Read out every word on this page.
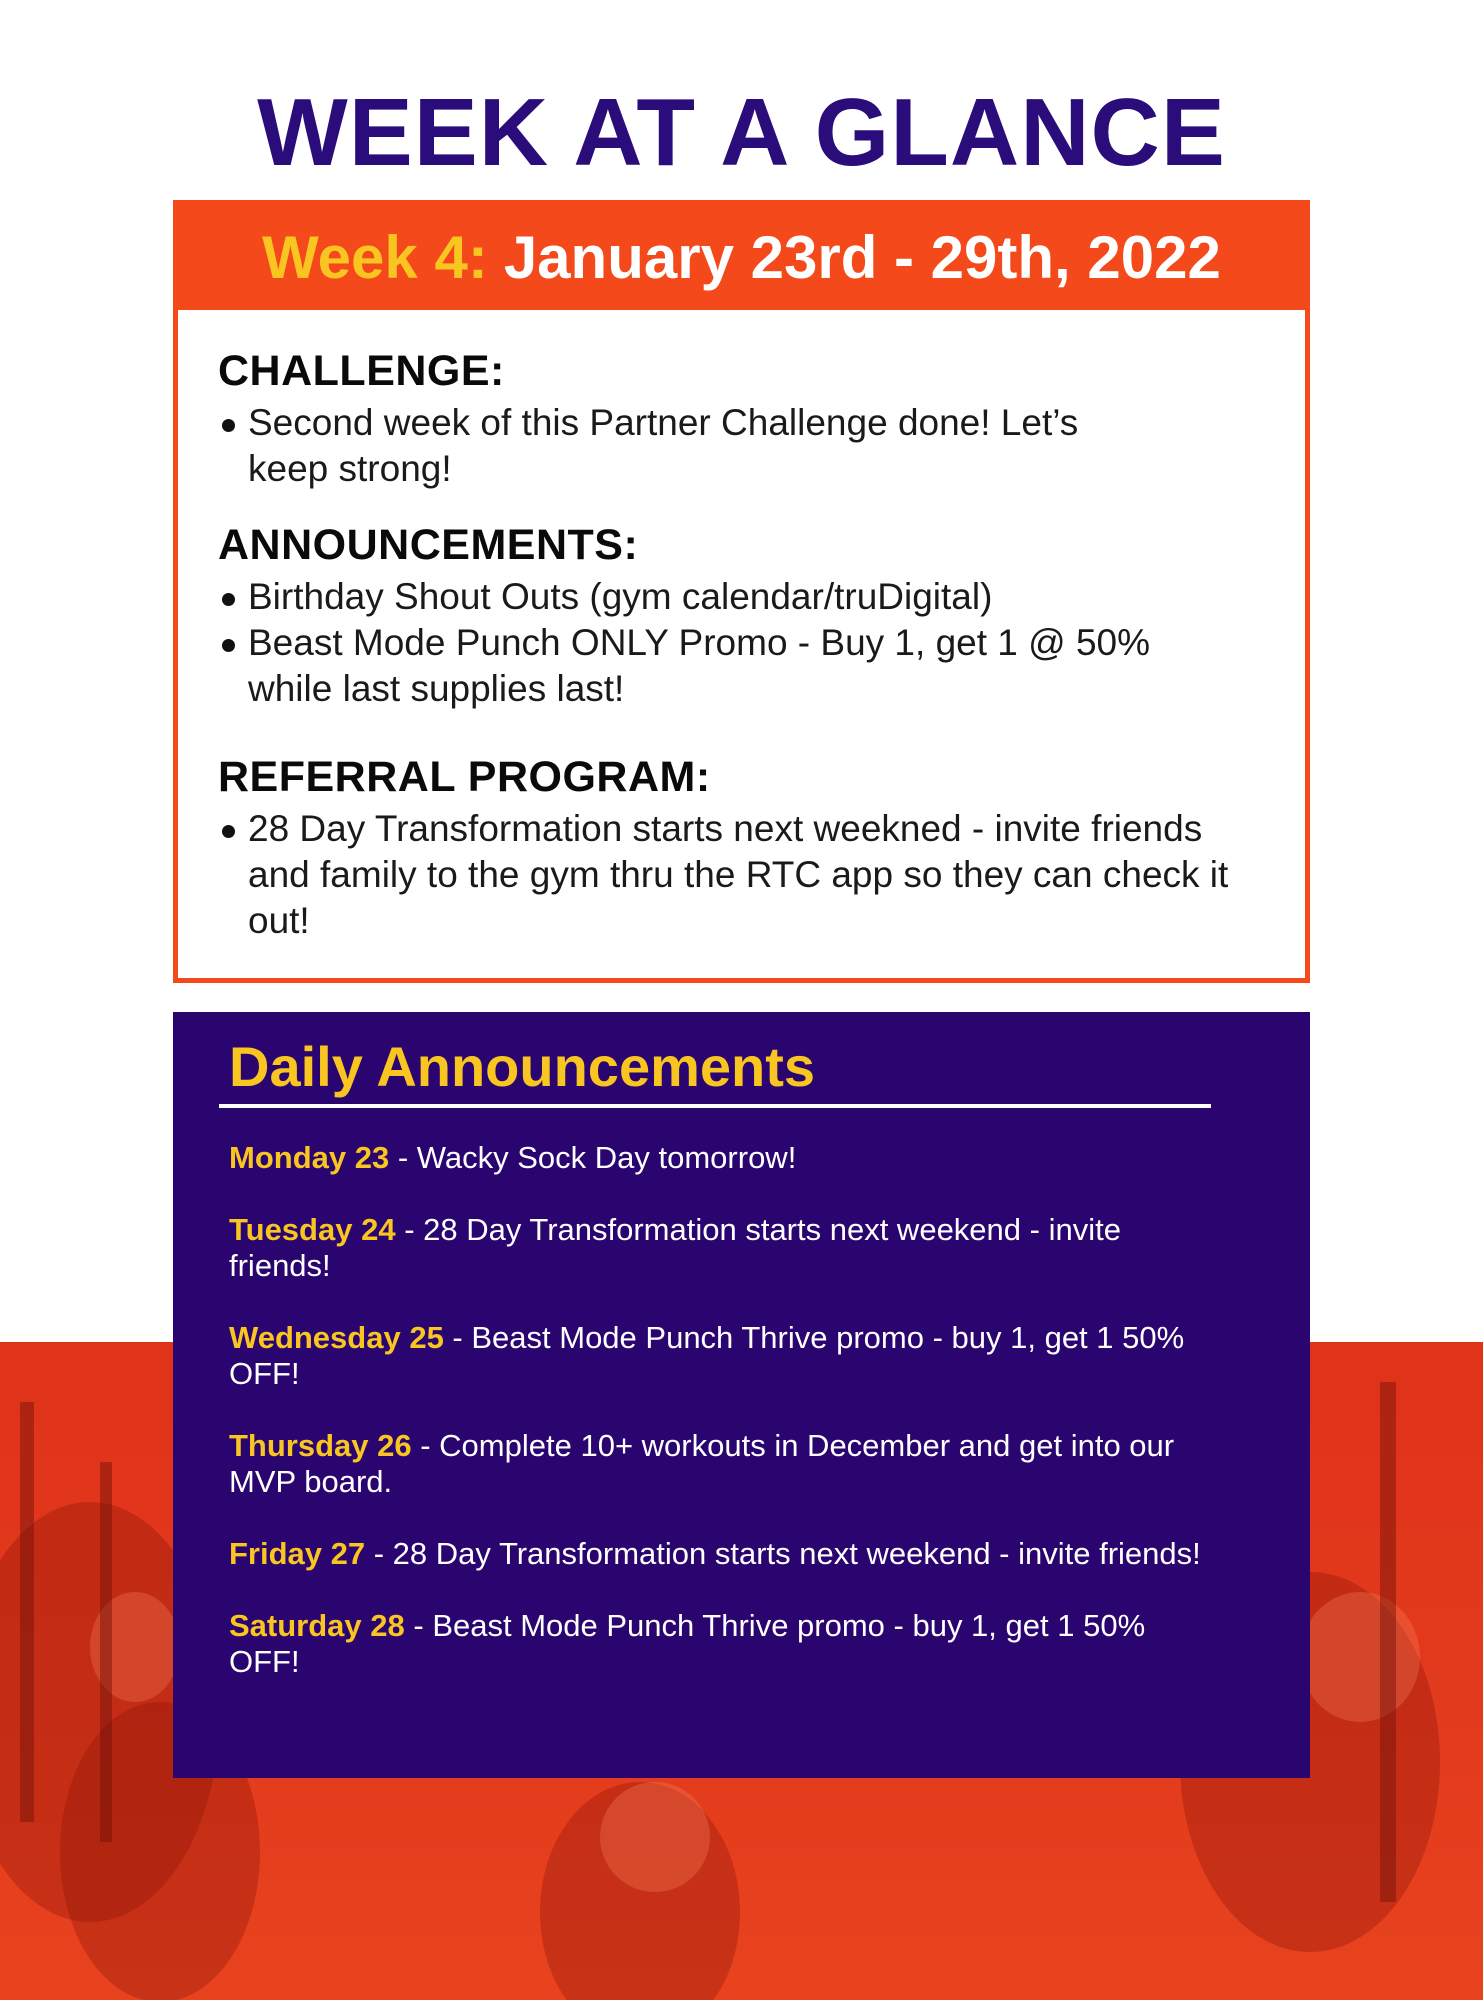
WEEK AT A GLANCE
Week 4: January 23rd - 29th, 2022
CHALLENGE:
Second week of this Partner Challenge done! Let’s keep strong!
ANNOUNCEMENTS:
Birthday Shout Outs (gym calendar/truDigital)
Beast Mode Punch ONLY Promo - Buy 1, get 1 @ 50% while last supplies last!
REFERRAL PROGRAM:
28 Day Transformation starts next weekned - invite friends and family to the gym thru the RTC app so they can check it out!
Daily Announcements
Monday 23 - Wacky Sock Day tomorrow!
Tuesday 24 - 28 Day Transformation starts next weekend - invite friends!
Wednesday 25 - Beast Mode Punch Thrive promo - buy 1, get 1 50% OFF!
Thursday 26 - Complete 10+ workouts in December and get into our MVP board.
Friday 27 - 28 Day Transformation starts next weekend - invite friends!
Saturday 28 - Beast Mode Punch Thrive promo - buy 1, get 1 50% OFF!
